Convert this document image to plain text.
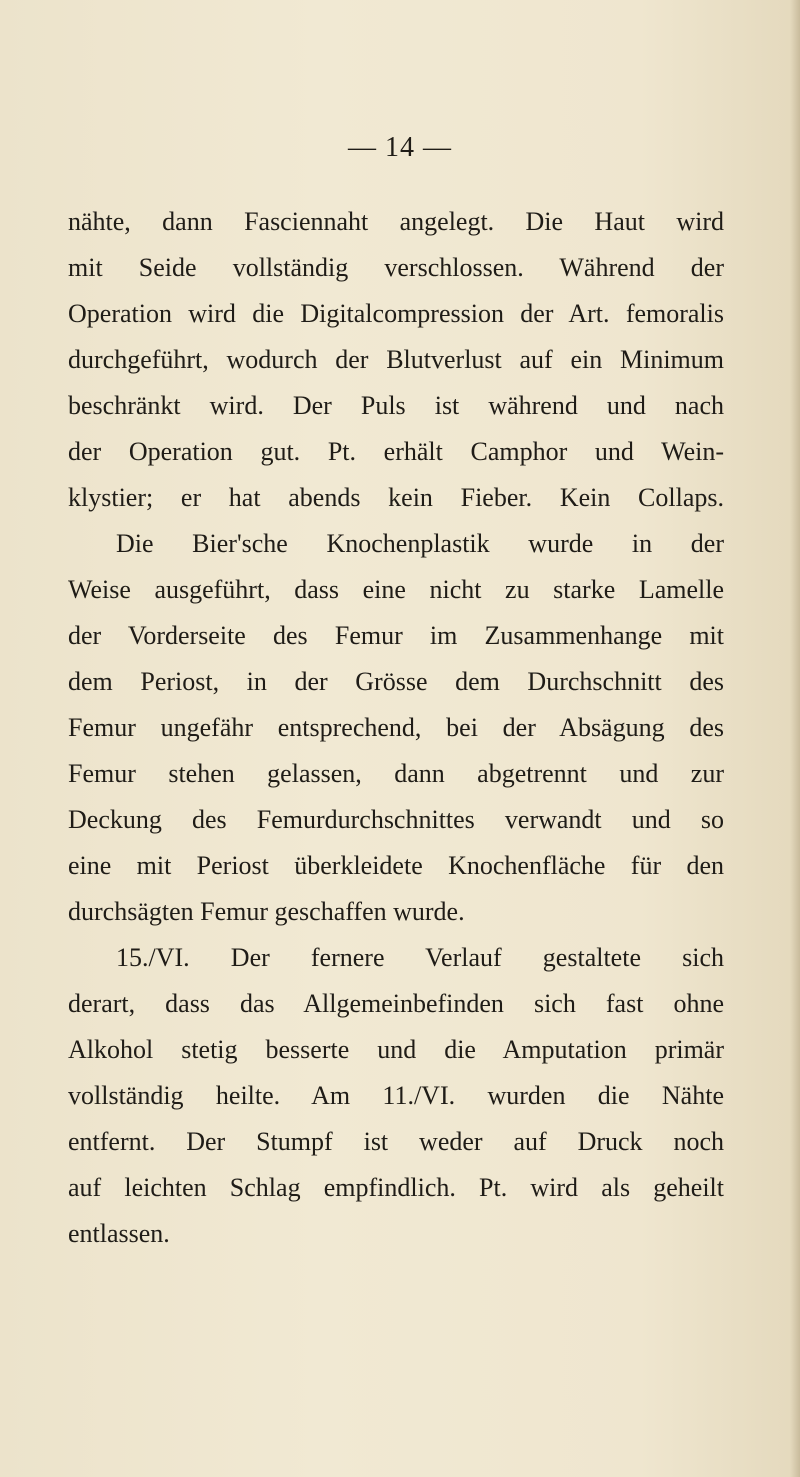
— 14 —
nähte, dann Fasciennaht angelegt. Die Haut wird
mit Seide vollständig verschlossen. Während der
Operation wird die Digitalcompression der Art. femoralis
durchgeführt, wodurch der Blutverlust auf ein Minimum
beschränkt wird. Der Puls ist während und nach
der Operation gut. Pt. erhält Camphor und Wein-
klystier; er hat abends kein Fieber. Kein Collaps.
Die Bier'sche Knochenplastik wurde in der
Weise ausgeführt, dass eine nicht zu starke Lamelle
der Vorderseite des Femur im Zusammenhange mit
dem Periost, in der Grösse dem Durchschnitt des
Femur ungefähr entsprechend, bei der Absägung des
Femur stehen gelassen, dann abgetrennt und zur
Deckung des Femurdurchschnittes verwandt und so
eine mit Periost überkleidete Knochenfläche für den
durchsägten Femur geschaffen wurde.
15./VI. Der fernere Verlauf gestaltete sich
derart, dass das Allgemeinbefinden sich fast ohne
Alkohol stetig besserte und die Amputation primär
vollständig heilte. Am 11./VI. wurden die Nähte
entfernt. Der Stumpf ist weder auf Druck noch
auf leichten Schlag empfindlich. Pt. wird als geheilt
entlassen.
